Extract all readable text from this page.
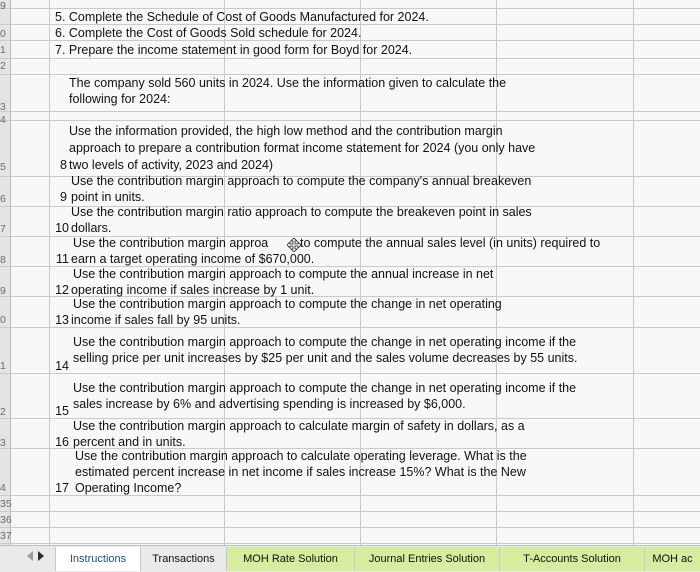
9
0
1
2
3
4
5
6
7
8
9
0
1
2
3
4
35
36
37
5. Complete the Schedule of Cost of Goods Manufactured for 2024.
6. Complete the Cost of Goods Sold schedule for 2024.
7. Prepare the income statement in good form for Boyd for 2024.
The company sold 560 units in 2024. Use the information given to calculate the
following for 2024:
Use the information provided, the high low method and the contribution margin
approach to prepare a contribution format income statement for 2024 (you only have
8 two levels of activity, 2023 and 2024)
Use the contribution margin approach to compute the company's annual breakeven
9 point in units.
Use the contribution margin ratio approach to compute the breakeven point in sales
10 dollars.
Use the contribution margin approa	to compute the annual sales level (in units) required to
11 earn a target operating income of $670,000.
Use the contribution margin approach to compute the annual increase in net
12 operating income if sales increase by 1 unit.
Use the contribution margin approach to compute the change in net operating
13 income if sales fall by 95 units.
Use the contribution margin approach to compute the change in net operating income if the
selling price per unit increases by $25 per unit and the sales volume decreases by 55 units.
14
Use the contribution margin approach to compute the change in net operating income if the
sales increase by 6% and advertising spending is increased by $6,000.
15
Use the contribution margin approach to calculate margin of safety in dollars, as a
16 percent and in units.
Use the contribution margin approach to calculate operating leverage. What is the
estimated percent increase in net income if sales increase 15%? What is the New
17 Operating Income?
Instructions	Transactions	MOH Rate Solution	Journal Entries Solution	T-Accounts Solution	MOH ac
